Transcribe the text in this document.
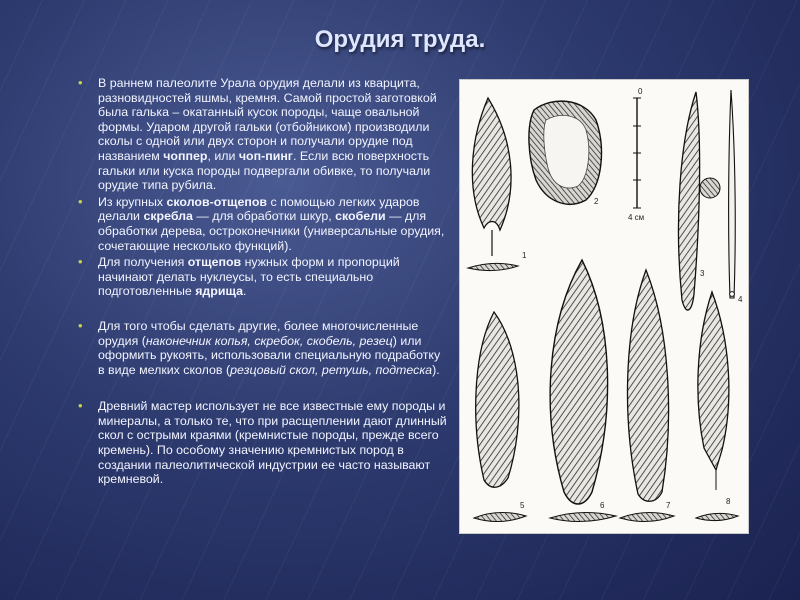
Орудия труда.
• В раннем палеолите Урала орудия делали из кварцита, разновидностей яшмы, кремня. Самой простой заготовкой была галька – окатанный кусок породы, чаще овальной формы. Ударом другой гальки (отбойником) производили сколы с одной или двух сторон и получали орудие под названием чоппер, или чоп-пинг. Если всю поверхность гальки или куска породы подвергали обивке, то получали орудие типа рубила.
• Из крупных сколов-отщепов с помощью легких ударов делали скребла — для обработки шкур, скобели — для обработки дерева, остроконечники (универсальные орудия, сочетающие несколько функций).
• Для получения отщепов нужных форм и пропорций начинают делать нуклеусы, то есть специально подготовленные ядрища.
• Для того чтобы сделать другие, более многочисленные орудия (наконечник копья, скребок, скобель, резец) или оформить рукоять, использовали специальную подработку в виде мелких сколов (резцовый скол, ретушь, подтеска).
• Древний мастер использует не все известные ему породы и минералы, а только те, что при расщеплении дают длинный скол с острыми краями (кремнистые породы, прежде всего кремень). По особому значению кремнистых пород в создании палеолитической индустрии ее часто называют кремневой.
0
4 см
1
2
3
4
5	6	7	8
